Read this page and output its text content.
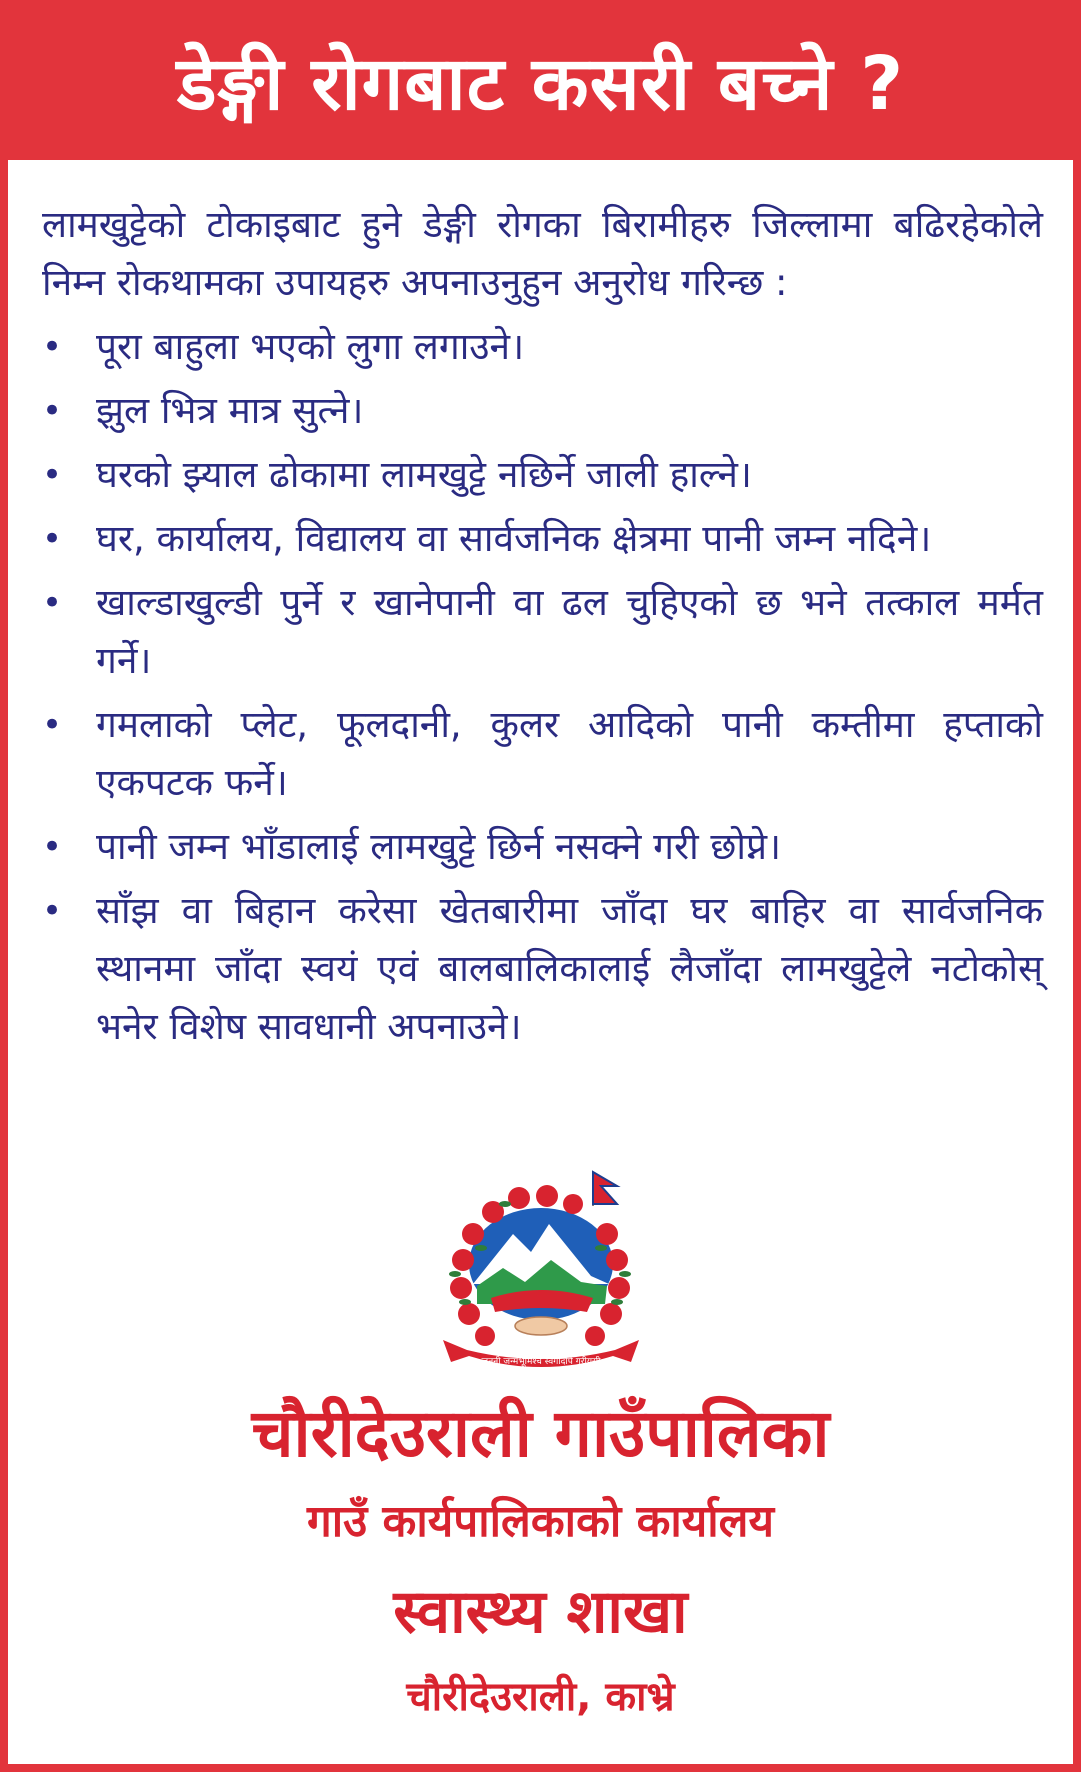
डेङ्गी रोगबाट कसरी बच्ने ?

लामखुट्टेको टोकाइबाट हुने डेङ्गी रोगका बिरामीहरु जिल्लामा बढिरहेकोले निम्न रोकथामका उपायहरु अपनाउनुहुन अनुरोध गरिन्छ :

• पूरा बाहुला भएको लुगा लगाउने।
• झुल भित्र मात्र सुत्ने।
• घरको झ्याल ढोकामा लामखुट्टे नछिर्ने जाली हाल्ने।
• घर, कार्यालय, विद्यालय वा सार्वजनिक क्षेत्रमा पानी जम्न नदिने।
• खाल्डाखुल्डी पुर्ने र खानेपानी वा ढल चुहिएको छ भने तत्काल मर्मत गर्ने।
• गमलाको प्लेट, फूलदानी, कुलर आदिको पानी कम्तीमा हप्ताको एकपटक फर्ने।
• पानी जम्न भाँडालाई लामखुट्टे छिर्न नसक्ने गरी छोप्ने।
• साँझ वा बिहान करेसा खेतबारीमा जाँदा घर बाहिर वा सार्वजनिक स्थानमा जाँदा स्वयं एवं बालबालिकालाई लैजाँदा लामखुट्टेले नटोकोस् भनेर विशेष सावधानी अपनाउने।
जननी जन्मभूमिश्च स्वर्गादपि गरीयसी
चौरीदेउराली गाउँपालिका
गाउँ कार्यपालिकाको कार्यालय
स्वास्थ्य शाखा
चौरीदेउराली, काभ्रे
